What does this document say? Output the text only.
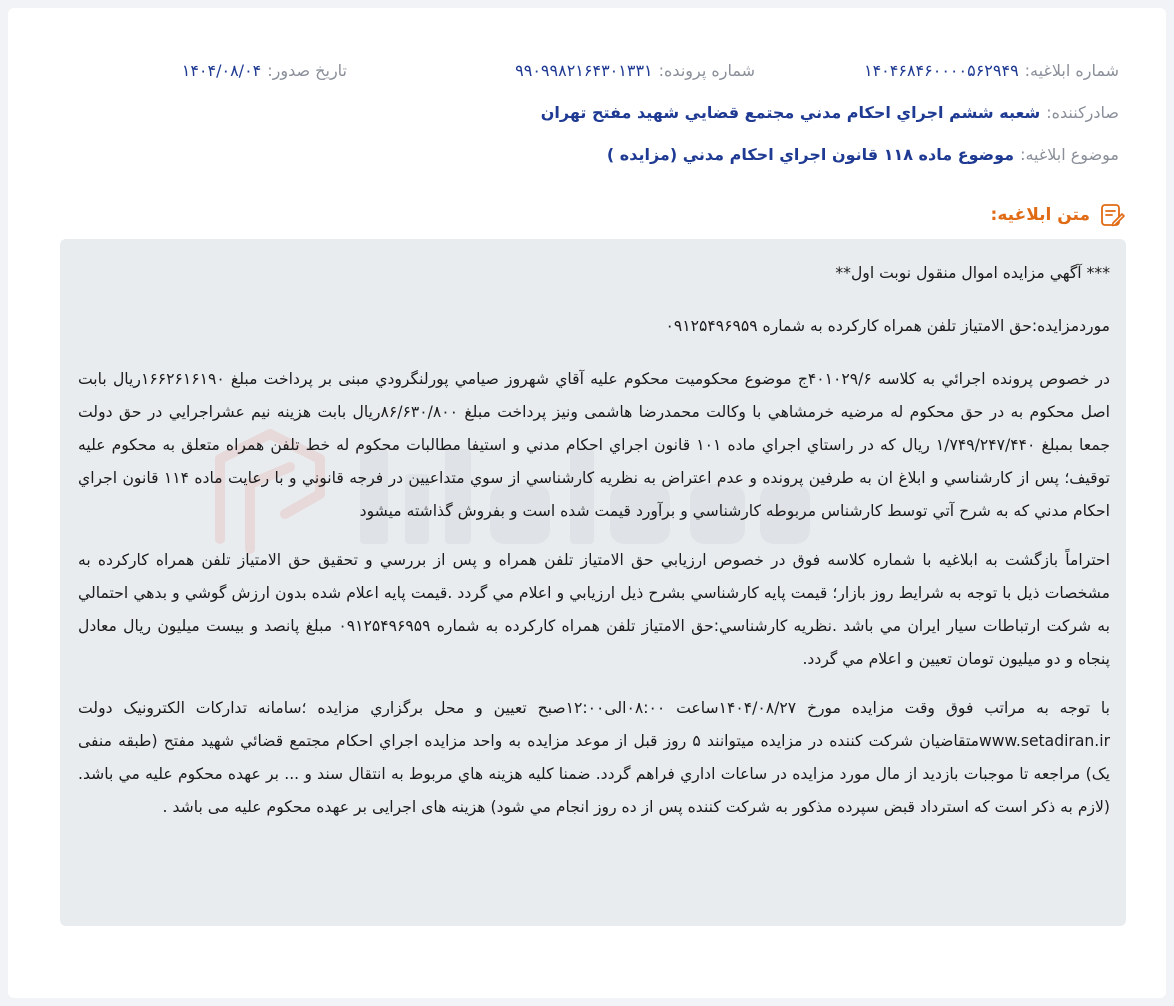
شماره ابلاغيه:
۱۴۰۴۶۸۴۶۰۰۰۰۵۶۲۹۴۹
شماره پرونده:
۹۹۰۹۹۸۲۱۶۴۳۰۱۳۳۱
تاريخ صدور:
۱۴۰۴/۰۸/۰۴
صادرکننده:
شعبه ششم اجراي احکام مدني مجتمع قضايي شهيد مفتح تهران
موضوع ابلاغيه:
موضوع ماده ۱۱۸ قانون اجراي احکام مدني (مزايده )
متن ابلاغيه:

*** آگهي مزايده اموال منقول نوبت اول**

موردمزايده:حق الامتياز تلفن همراه کارکرده به شماره ۰۹۱۲۵۴۹۶۹۵۹

در خصوص پرونده اجرائي به کلاسه ۴۰۱۰۲۹/۶ج موضوع محکوميت محکوم عليه آقاي شهروز صيامي پورلنگرودي مبنی بر پرداخت مبلغ ۱۶۶۲۶۱۶۱۹۰ريال بابت اصل محکوم به در حق محکوم له مرضيه خرمشاهي با وکالت محمدرضا هاشمی ونيز پرداخت مبلغ ۸۶/۶۳۰/۸۰۰ريال بابت هزينه نيم عشراجرايي در حق دولت جمعا بمبلغ ۱/۷۴۹/۲۴۷/۴۴۰ ريال که در راستاي اجراي ماده ۱۰۱ قانون اجراي احکام مدني و استيفا مطالبات محکوم له خط تلفن همراه متعلق به محکوم عليه توقيف؛ پس از کارشناسي و ابلاغ ان به طرفين پرونده و عدم اعتراض به نظريه کارشناسي از سوي متداعيين در فرجه قانوني و با رعايت ماده ۱۱۴ قانون اجراي احکام مدني که به شرح آتي توسط کارشناس مربوطه کارشناسي و برآورد قيمت شده است و بفروش گذاشته ميشود

احتراماً بازگشت به ابلاغيه با شماره کلاسه فوق در خصوص ارزيابي حق الامتياز تلفن همراه و پس از بررسي و تحقيق حق الامتياز تلفن همراه کارکرده به مشخصات ذيل با توجه به شرايط روز بازار؛ قيمت پايه کارشناسي بشرح ذيل ارزيابي و اعلام مي گردد .قيمت پايه اعلام شده بدون ارزش گوشي و بدهي احتمالي به شرکت ارتباطات سيار ايران مي باشد .نظريه کارشناسي:حق الامتياز تلفن همراه کارکرده به شماره ۰۹۱۲۵۴۹۶۹۵۹ مبلغ پانصد و بيست ميليون ريال معادل پنجاه و دو ميليون تومان تعيين و اعلام مي گردد.

با توجه به مراتب فوق وقت مزايده مورخ ۱۴۰۴/۰۸/۲۷ساعت ۰۸:۰۰الی۱۲:۰۰صبح تعيين و محل برگزاري مزايده ؛سامانه تدارکات الکترونيک دولت www.setadiran.irمتقاضيان شرکت کننده در مزايده ميتوانند ۵ روز قبل از موعد مزايده به واحد مزايده اجراي احکام مجتمع قضائي شهيد مفتح (طبقه منفی يک) مراجعه تا موجبات بازديد از مال مورد مزايده در ساعات اداري فراهم گردد. ضمنا کليه هزينه هاي مربوط به انتقال سند و ... بر عهده محکوم عليه مي باشد.(لازم به ذکر است که استرداد قبض سپرده مذکور به شرکت کننده پس از ده روز انجام مي شود) هزينه های اجرایی بر عهده محکوم علیه می باشد .
